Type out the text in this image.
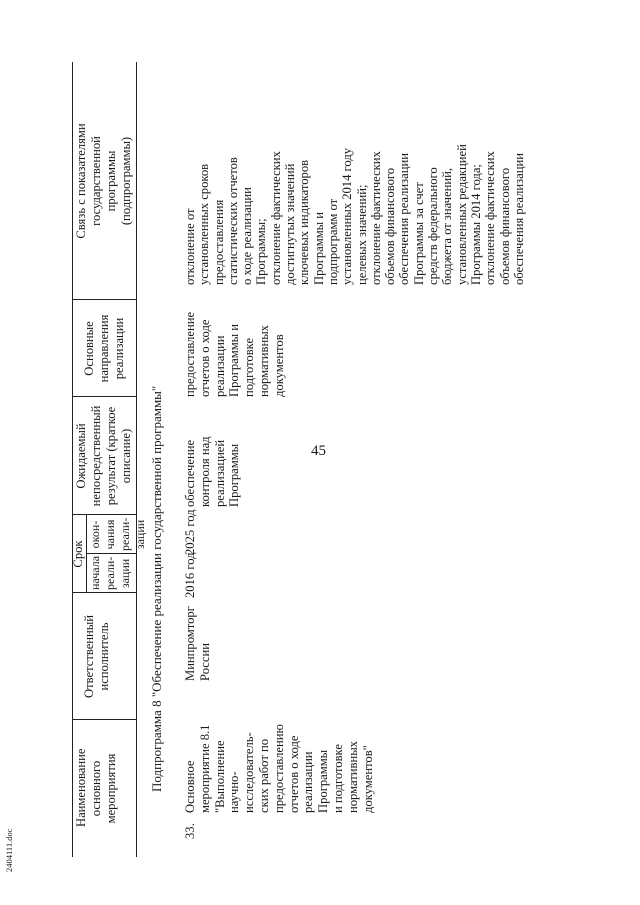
45
2404111.doc
Наименование основного мероприятия
Ответственный исполнитель
Срок
начала реали-зации
окон-чания реали-зации
Ожидаемый непосредственный результат (краткое описание)
Основные направления реализации
Связь с показателями государственной программы (подпрограммы)
Подпрограмма 8 "Обеспечение реализации государственной программы"
33.
Основное мероприятие 8.1 "Выполнение научно- исследователь- ских работ по предоставлению отчетов о ходе реализации Программы и подготовке нормативных документов"
Минпромторг России
2016 год
2025 год
обеспечение контроля над реализацией Программы
предоставление отчетов о ходе реализации Программы и подготовке нормативных документов
отклонение от установленных сроков предоставления статистических отчетов о ходе реализации Программы; отклонение фактических достигнутых значений ключевых индикаторов Программы и подпрограмм от установленных 2014 году целевых значений; отклонение фактических объемов финансового обеспечения реализации Программы за счет средств федерального бюджета от значений, установленных редакцией Программы 2014 года; отклонение фактических объемов финансового обеспечения реализации
